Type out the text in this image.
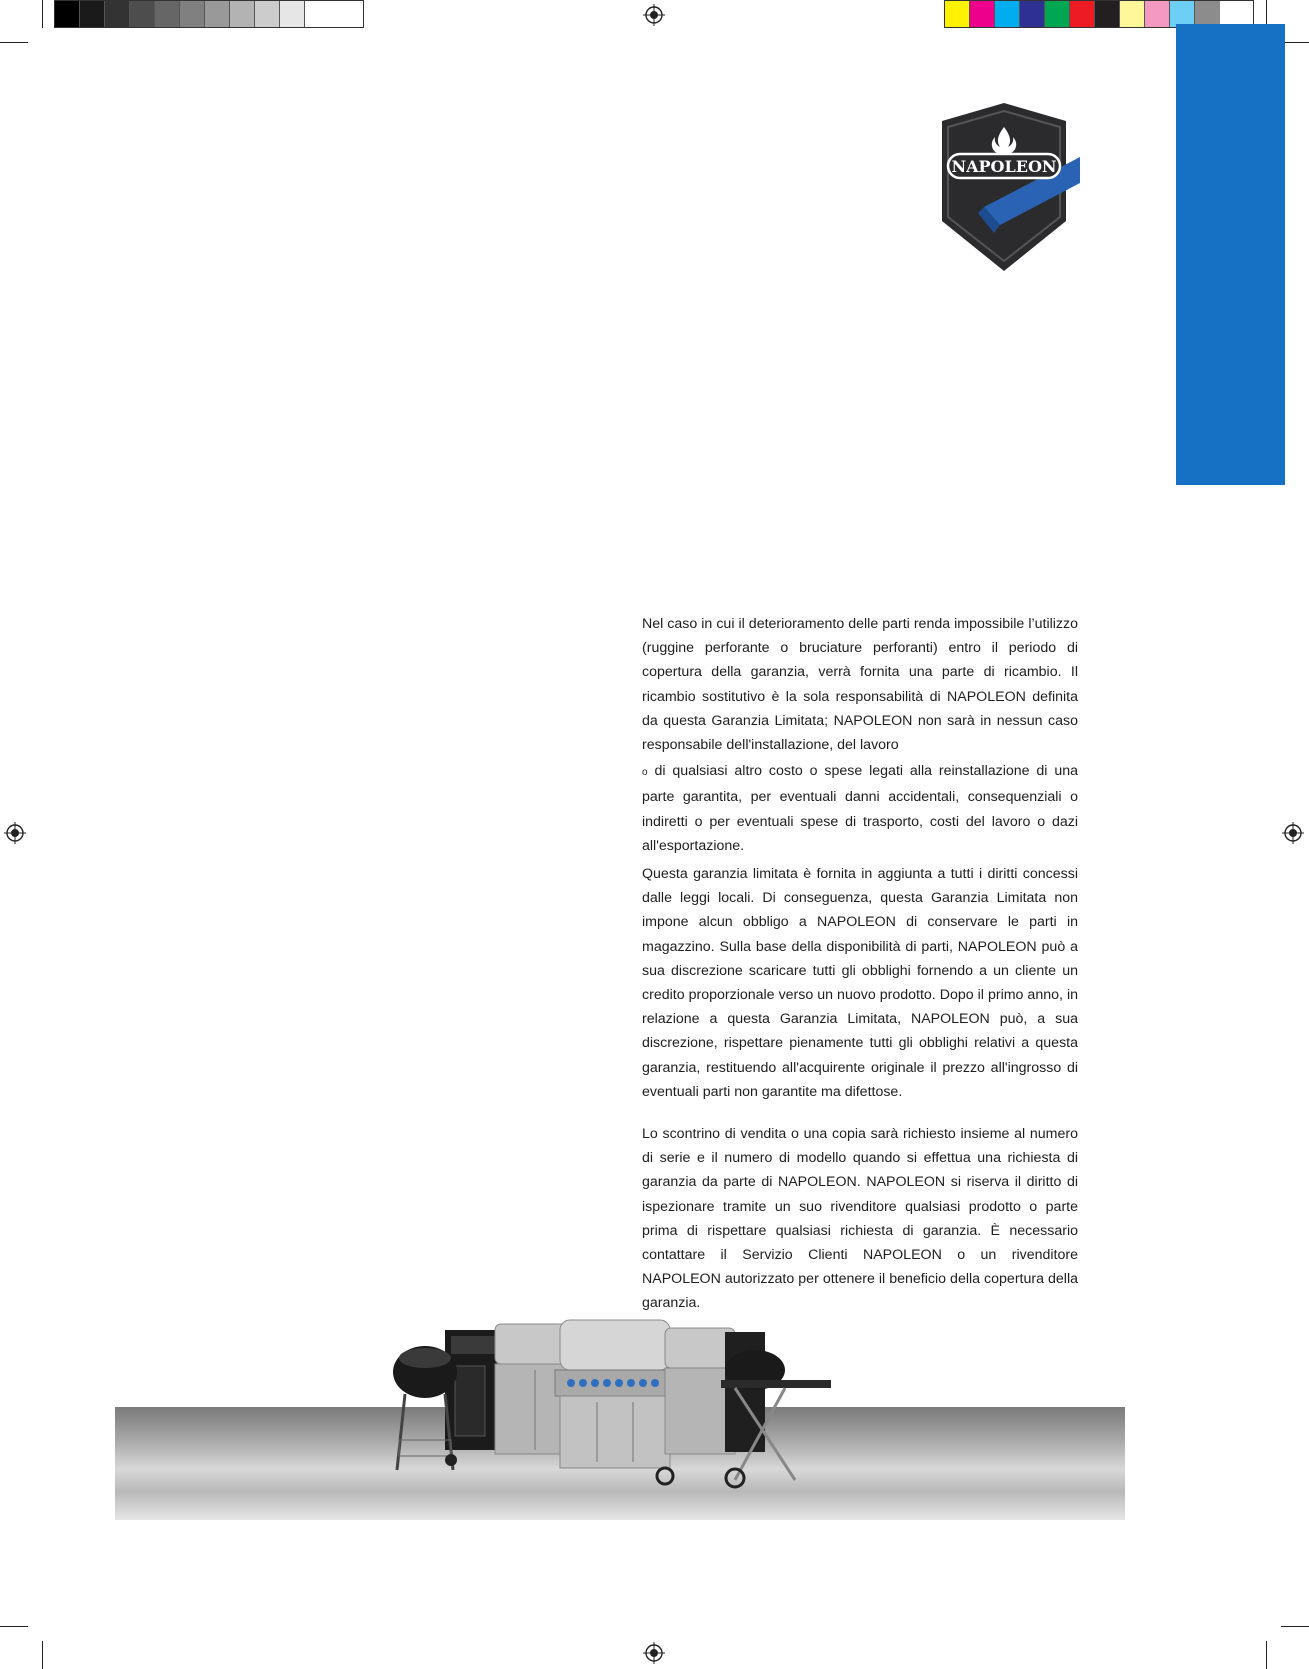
NAPOLEON

Nel caso in cui il deterioramento delle parti renda impossibile l’utilizzo (ruggine perforante o bruciature perforanti) entro il periodo di copertura della garanzia, verrà fornita una parte di ricambio. Il ricambio sostitutivo è la sola responsabilità di NAPOLEON definita da questa Garanzia Limitata; NAPOLEON non sarà in nessun caso responsabile dell'installazione, del lavoro

o di qualsiasi altro costo o spese legati alla reinstallazione di una parte garantita, per eventuali danni accidentali, consequenziali o indiretti o per eventuali spese di trasporto, costi del lavoro o dazi all'esportazione.

Questa garanzia limitata è fornita in aggiunta a tutti i diritti concessi dalle leggi locali. Di conseguenza, questa Garanzia Limitata non impone alcun obbligo a NAPOLEON di conservare le parti in magazzino. Sulla base della disponibilità di parti, NAPOLEON può a sua discrezione scaricare tutti gli obblighi fornendo a un cliente un credito proporzionale verso un nuovo prodotto. Dopo il primo anno, in relazione a questa Garanzia Limitata, NAPOLEON può, a sua discrezione, rispettare pienamente tutti gli obblighi relativi a questa garanzia, restituendo all'acquirente originale il prezzo all'ingrosso di eventuali parti non garantite ma difettose.

Lo scontrino di vendita o una copia sarà richiesto insieme al numero di serie e il numero di modello quando si effettua una richiesta di garanzia da parte di NAPOLEON. NAPOLEON si riserva il diritto di ispezionare tramite un suo rivenditore qualsiasi prodotto o parte prima di rispettare qualsiasi richiesta di garanzia. È necessario contattare il Servizio Clienti NAPOLEON o un rivenditore NAPOLEON autorizzato per ottenere il beneficio della copertura della garanzia.
